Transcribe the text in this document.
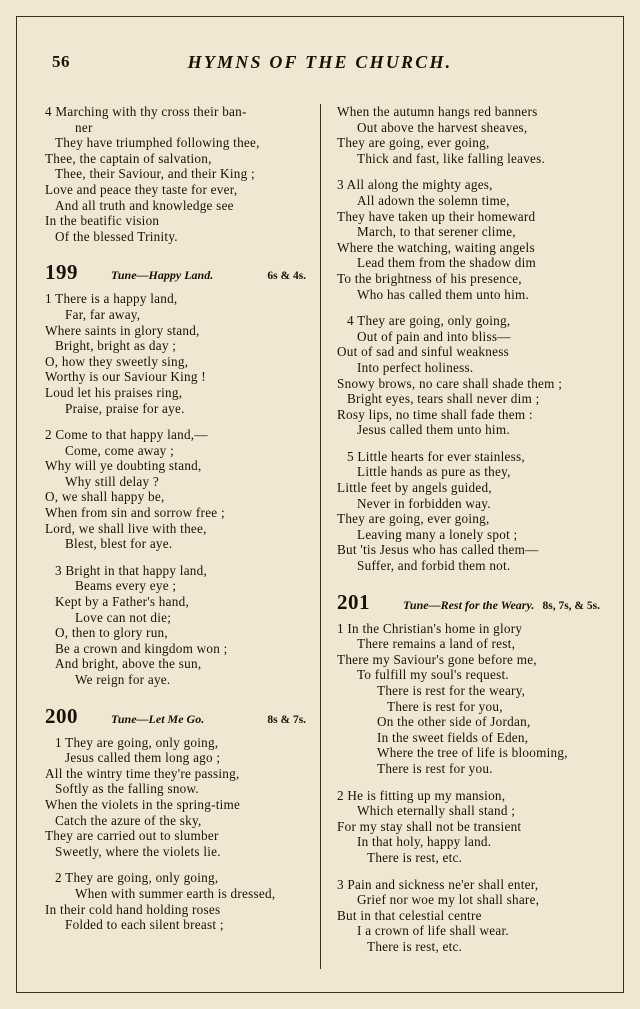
56	HYMNS OF THE CHURCH.
4 Marching with thy cross their ban-
ner
They have triumphed following thee,
Thee, the captain of salvation,
Thee, their Saviour, and their King ;
Love and peace they taste for ever,
And all truth and knowledge see
In the beatific vision
Of the blessed Trinity.
199	Tune—Happy Land.	6s & 4s.
1 There is a happy land,
Far, far away,
Where saints in glory stand,
Bright, bright as day ;
O, how they sweetly sing,
Worthy is our Saviour King !
Loud let his praises ring,
Praise, praise for aye.
2 Come to that happy land,—
Come, come away ;
Why will ye doubting stand,
Why still delay ?
O, we shall happy be,
When from sin and sorrow free ;
Lord, we shall live with thee,
Blest, blest for aye.
3 Bright in that happy land,
Beams every eye ;
Kept by a Father's hand,
Love can not die;
O, then to glory run,
Be a crown and kingdom won ;
And bright, above the sun,
We reign for aye.
200	Tune—Let Me Go.	8s & 7s.
1 They are going, only going,
Jesus called them long ago ;
All the wintry time they're passing,
Softly as the falling snow.
When the violets in the spring-time
Catch the azure of the sky,
They are carried out to slumber
Sweetly, where the violets lie.
2 They are going, only going,
When with summer earth is dressed,
In their cold hand holding roses
Folded to each silent breast ;
When the autumn hangs red banners
Out above the harvest sheaves,
They are going, ever going,
Thick and fast, like falling leaves.
3 All along the mighty ages,
All adown the solemn time,
They have taken up their homeward
March, to that serener clime,
Where the watching, waiting angels
Lead them from the shadow dim
To the brightness of his presence,
Who has called them unto him.
4 They are going, only going,
Out of pain and into bliss—
Out of sad and sinful weakness
Into perfect holiness.
Snowy brows, no care shall shade them ;
Bright eyes, tears shall never dim ;
Rosy lips, no time shall fade them :
Jesus called them unto him.
5 Little hearts for ever stainless,
Little hands as pure as they,
Little feet by angels guided,
Never in forbidden way.
They are going, ever going,
Leaving many a lonely spot ;
But 'tis Jesus who has called them—
Suffer, and forbid them not.
201	Tune—Rest for the Weary. 8s, 7s, & 5s.
1 In the Christian's home in glory
There remains a land of rest,
There my Saviour's gone before me,
To fulfill my soul's request.
There is rest for the weary,
There is rest for you,
On the other side of Jordan,
In the sweet fields of Eden,
Where the tree of life is blooming,
There is rest for you.
2 He is fitting up my mansion,
Which eternally shall stand ;
For my stay shall not be transient
In that holy, happy land.
There is rest, etc.
3 Pain and sickness ne'er shall enter,
Grief nor woe my lot shall share,
But in that celestial centre
I a crown of life shall wear.
There is rest, etc.
